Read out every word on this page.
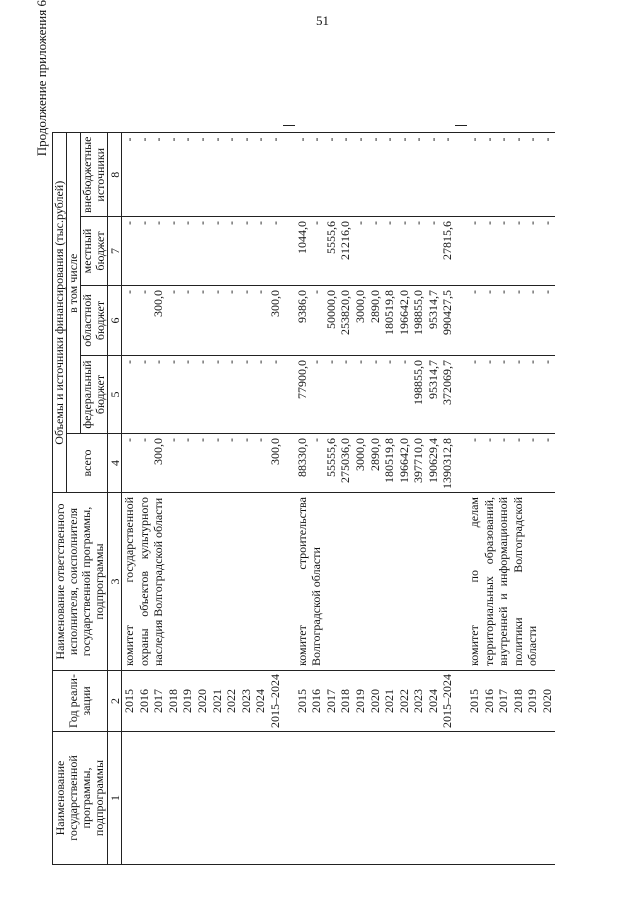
51
Продолжение приложения 6
Наименование государственной программы, подпрограммы	Год реали-зации	Наименование ответственного исполнителя, соисполнителя государственной программы, подпрограммы	Объемы и источники финансирования (тыс.рублей)					
			всего	в том числе				
				федеральный бюджет	областной бюджет	местный бюджет	внебюджетные источники	
1	2	3	4	5	6	7	8	
	2015	комитет государственной охраны объектов культурного наследия Волгоградской области	-	-	-	-	-	
	2016		-	-	-	-	-	
	2017		300,0	-	300,0	-	-	
	2018		-	-	-	-	-	
	2019		-	-	-	-	-	
	2020		-	-	-	-	-	
	2021		-	-	-	-	-	
	2022		-	-	-	-	-	
	2023		-	-	-	-	-	
	2024		-	-	-	-	-	
	2015–2024		300,0	-	300,0	-	-	

	2015	комитет строительства Волгоградской области	88330,0	77900,0	9386,0	1044,0	-	
	2016		-	-	-	-	-	
	2017		55555,6	-	50000,0	5555,6	-	
	2018		275036,0	-	253820,0	21216,0	-	
	2019		3000,0	-	3000,0	-	-	
	2020		2890,0	-	2890,0	-	-	
	2021		180519,8	-	180519,8	-	-	
	2022		196642,0	-	196642,0	-	-	
	2023		397710,0	198855,0	198855,0	-	-	
	2024		190629,4	95314,7	95314,7	-	-	
	2015–2024		1390312,8	372069,7	990427,5	27815,6	-	

	2015	комитет по делам территориальных образований, внутренней и информационной политики Волгоградской области	-	-	-	-	-	
	2016		-	-	-	-	-	
	2017		-	-	-	-	-	
	2018		-	-	-	-	-	
	2019		-	-	-	-	-	
	2020		-	-	-	-	-	
